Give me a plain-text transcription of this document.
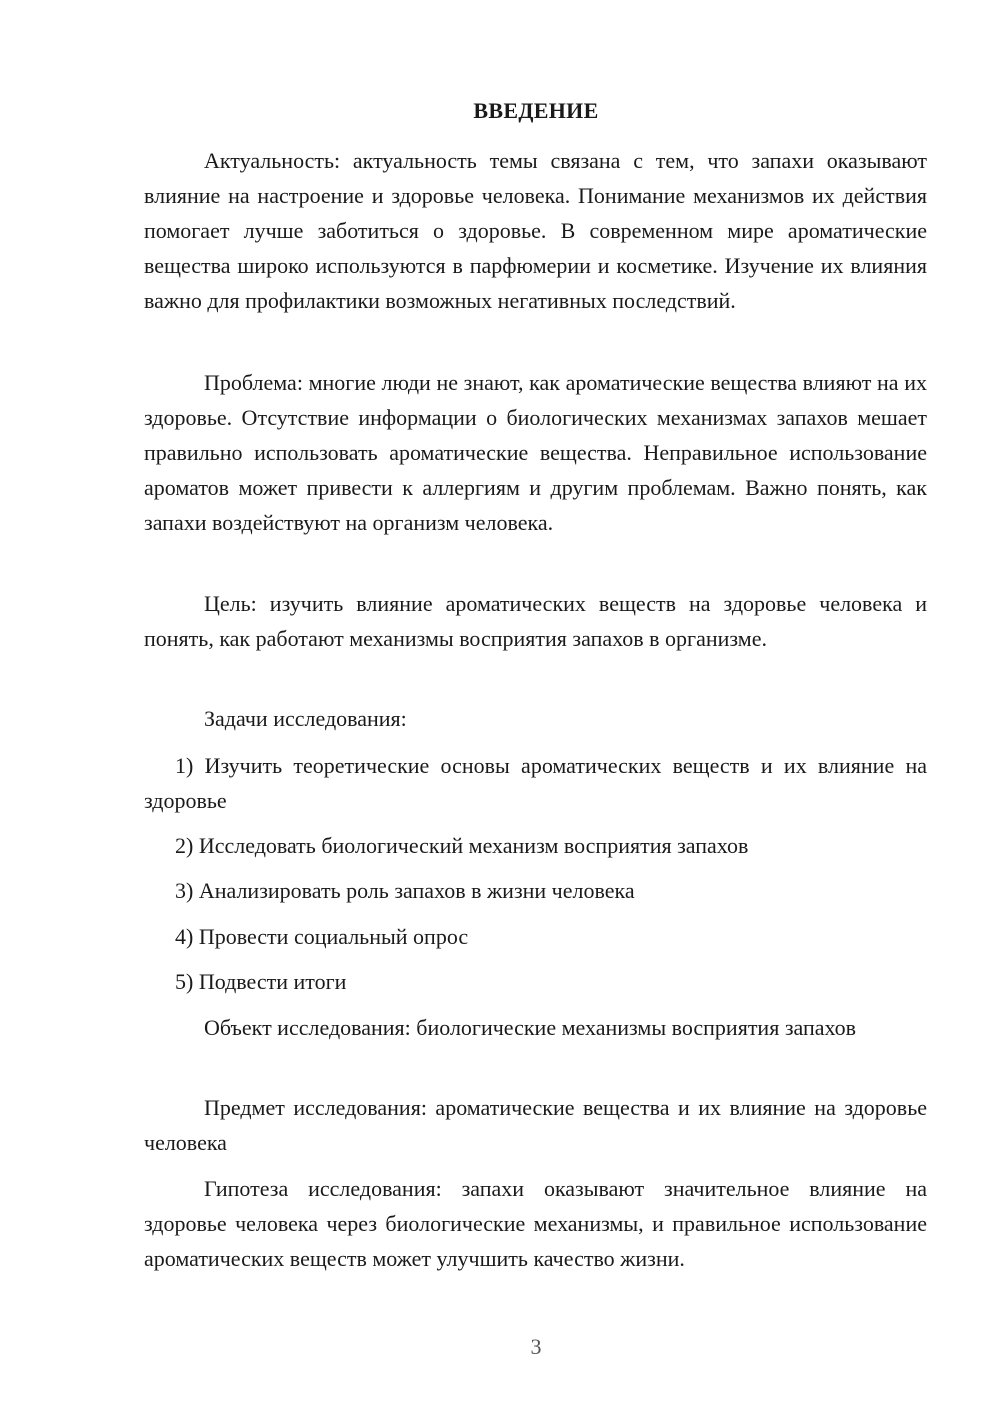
ВВЕДЕНИЕ

Актуальность: актуальность темы связана с тем, что запахи оказывают влияние на настроение и здоровье человека. Понимание механизмов их действия помогает лучше заботиться о здоровье. В современном мире ароматические вещества широко используются в парфюмерии и косметике. Изучение их влияния важно для профилактики возможных негативных последствий.

Проблема: многие люди не знают, как ароматические вещества влияют на их здоровье. Отсутствие информации о биологических механизмах запахов мешает правильно использовать ароматические вещества. Неправильное использование ароматов может привести к аллергиям и другим проблемам. Важно понять, как запахи воздействуют на организм человека.

Цель: изучить влияние ароматических веществ на здоровье человека и понять, как работают механизмы восприятия запахов в организме.

Задачи исследования:

1) Изучить теоретические основы ароматических веществ и их влияние на здоровье

2) Исследовать биологический механизм восприятия запахов

3) Анализировать роль запахов в жизни человека

4) Провести социальный опрос

5) Подвести итоги

Объект исследования: биологические механизмы восприятия запахов

Предмет исследования: ароматические вещества и их влияние на здоровье человека

Гипотеза исследования: запахи оказывают значительное влияние на здоровье человека через биологические механизмы, и правильное использование ароматических веществ может улучшить качество жизни.

3
